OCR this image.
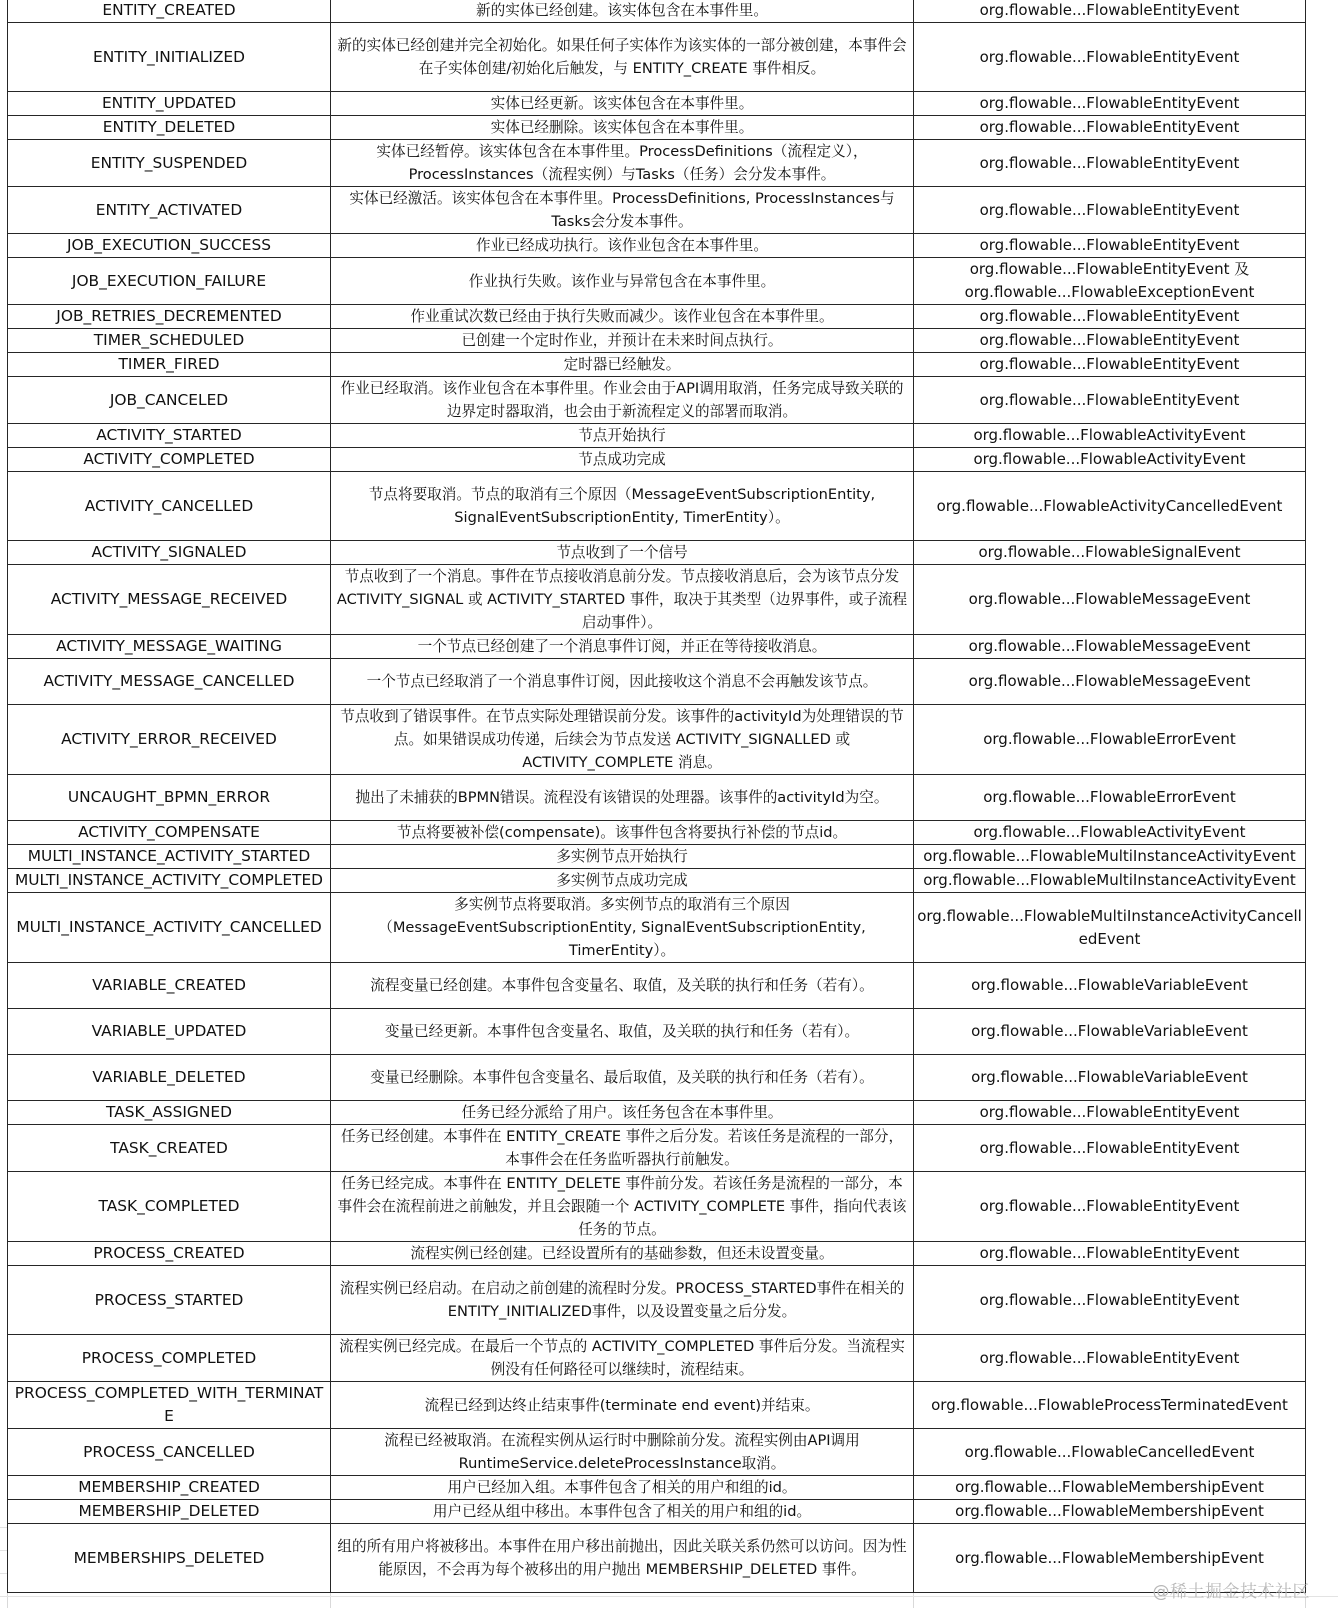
ENTITY_CREATED	新的实体已经创建。该实体包含在本事件里。	org.flowable...FlowableEntityEvent	
ENTITY_INITIALIZED	新的实体已经创建并完全初始化。如果任何子实体作为该实体的一部分被创建，本事件会在子实体创建/初始化后触发，与 ENTITY_CREATE 事件相反。	org.flowable...FlowableEntityEvent	
ENTITY_UPDATED	实体已经更新。该实体包含在本事件里。	org.flowable...FlowableEntityEvent	
ENTITY_DELETED	实体已经删除。该实体包含在本事件里。	org.flowable...FlowableEntityEvent	
ENTITY_SUSPENDED	实体已经暂停。该实体包含在本事件里。ProcessDefinitions（流程定义），ProcessInstances（流程实例）与Tasks（任务）会分发本事件。	org.flowable...FlowableEntityEvent	
ENTITY_ACTIVATED	实体已经激活。该实体包含在本事件里。ProcessDefinitions, ProcessInstances与Tasks会分发本事件。	org.flowable...FlowableEntityEvent	
JOB_EXECUTION_SUCCESS	作业已经成功执行。该作业包含在本事件里。	org.flowable...FlowableEntityEvent	
JOB_EXECUTION_FAILURE	作业执行失败。该作业与异常包含在本事件里。	org.flowable...FlowableEntityEvent 及 org.flowable...FlowableExceptionEvent	
JOB_RETRIES_DECREMENTED	作业重试次数已经由于执行失败而减少。该作业包含在本事件里。	org.flowable...FlowableEntityEvent	
TIMER_SCHEDULED	已创建一个定时作业，并预计在未来时间点执行。	org.flowable...FlowableEntityEvent	
TIMER_FIRED	定时器已经触发。	org.flowable...FlowableEntityEvent	
JOB_CANCELED	作业已经取消。该作业包含在本事件里。作业会由于API调用取消，任务完成导致关联的边界定时器取消，也会由于新流程定义的部署而取消。	org.flowable...FlowableEntityEvent	
ACTIVITY_STARTED	节点开始执行	org.flowable...FlowableActivityEvent	
ACTIVITY_COMPLETED	节点成功完成	org.flowable...FlowableActivityEvent	
ACTIVITY_CANCELLED	节点将要取消。节点的取消有三个原因（MessageEventSubscriptionEntity, SignalEventSubscriptionEntity, TimerEntity）。	org.flowable...FlowableActivityCancelledEvent	
ACTIVITY_SIGNALED	节点收到了一个信号	org.flowable...FlowableSignalEvent	
ACTIVITY_MESSAGE_RECEIVED	节点收到了一个消息。事件在节点接收消息前分发。节点接收消息后，会为该节点分发 ACTIVITY_SIGNAL 或 ACTIVITY_STARTED 事件，取决于其类型（边界事件，或子流程启动事件）。	org.flowable...FlowableMessageEvent	
ACTIVITY_MESSAGE_WAITING	一个节点已经创建了一个消息事件订阅，并正在等待接收消息。	org.flowable...FlowableMessageEvent	
ACTIVITY_MESSAGE_CANCELLED	一个节点已经取消了一个消息事件订阅，因此接收这个消息不会再触发该节点。	org.flowable...FlowableMessageEvent	
ACTIVITY_ERROR_RECEIVED	节点收到了错误事件。在节点实际处理错误前分发。该事件的activityId为处理错误的节点。如果错误成功传递，后续会为节点发送 ACTIVITY_SIGNALLED 或 ACTIVITY_COMPLETE 消息。	org.flowable...FlowableErrorEvent	
UNCAUGHT_BPMN_ERROR	抛出了未捕获的BPMN错误。流程没有该错误的处理器。该事件的activityId为空。	org.flowable...FlowableErrorEvent	
ACTIVITY_COMPENSATE	节点将要被补偿(compensate)。该事件包含将要执行补偿的节点id。	org.flowable...FlowableActivityEvent	
MULTI_INSTANCE_ACTIVITY_STARTED	多实例节点开始执行	org.flowable...FlowableMultiInstanceActivityEvent	
MULTI_INSTANCE_ACTIVITY_COMPLETED	多实例节点成功完成	org.flowable...FlowableMultiInstanceActivityEvent	
MULTI_INSTANCE_ACTIVITY_CANCELLED	多实例节点将要取消。多实例节点的取消有三个原因（MessageEventSubscriptionEntity, SignalEventSubscriptionEntity, TimerEntity）。	org.flowable...FlowableMultiInstanceActivityCancelledEvent	
VARIABLE_CREATED	流程变量已经创建。本事件包含变量名、取值，及关联的执行和任务（若有）。	org.flowable...FlowableVariableEvent	
VARIABLE_UPDATED	变量已经更新。本事件包含变量名、取值，及关联的执行和任务（若有）。	org.flowable...FlowableVariableEvent	
VARIABLE_DELETED	变量已经删除。本事件包含变量名、最后取值，及关联的执行和任务（若有）。	org.flowable...FlowableVariableEvent	
TASK_ASSIGNED	任务已经分派给了用户。该任务包含在本事件里。	org.flowable...FlowableEntityEvent	
TASK_CREATED	任务已经创建。本事件在 ENTITY_CREATE 事件之后分发。若该任务是流程的一部分，本事件会在任务监听器执行前触发。	org.flowable...FlowableEntityEvent	
TASK_COMPLETED	任务已经完成。本事件在 ENTITY_DELETE 事件前分发。若该任务是流程的一部分，本事件会在流程前进之前触发，并且会跟随一个 ACTIVITY_COMPLETE 事件，指向代表该任务的节点。	org.flowable...FlowableEntityEvent	
PROCESS_CREATED	流程实例已经创建。已经设置所有的基础参数，但还未设置变量。	org.flowable...FlowableEntityEvent	
PROCESS_STARTED	流程实例已经启动。在启动之前创建的流程时分发。PROCESS_STARTED事件在相关的ENTITY_INITIALIZED事件，以及设置变量之后分发。	org.flowable...FlowableEntityEvent	
PROCESS_COMPLETED	流程实例已经完成。在最后一个节点的 ACTIVITY_COMPLETED 事件后分发。当流程实例没有任何路径可以继续时，流程结束。	org.flowable...FlowableEntityEvent	
PROCESS_COMPLETED_WITH_TERMINATE	流程已经到达终止结束事件(terminate end event)并结束。	org.flowable...FlowableProcessTerminatedEvent	
PROCESS_CANCELLED	流程已经被取消。在流程实例从运行时中删除前分发。流程实例由API调用RuntimeService.deleteProcessInstance取消。	org.flowable...FlowableCancelledEvent	
MEMBERSHIP_CREATED	用户已经加入组。本事件包含了相关的用户和组的id。	org.flowable...FlowableMembershipEvent	
MEMBERSHIP_DELETED	用户已经从组中移出。本事件包含了相关的用户和组的id。	org.flowable...FlowableMembershipEvent	
MEMBERSHIPS_DELETED	组的所有用户将被移出。本事件在用户移出前抛出，因此关联关系仍然可以访问。因为性能原因，不会再为每个被移出的用户抛出 MEMBERSHIP_DELETED 事件。	org.flowable...FlowableMembershipEvent	
@稀土掘金技术社区
